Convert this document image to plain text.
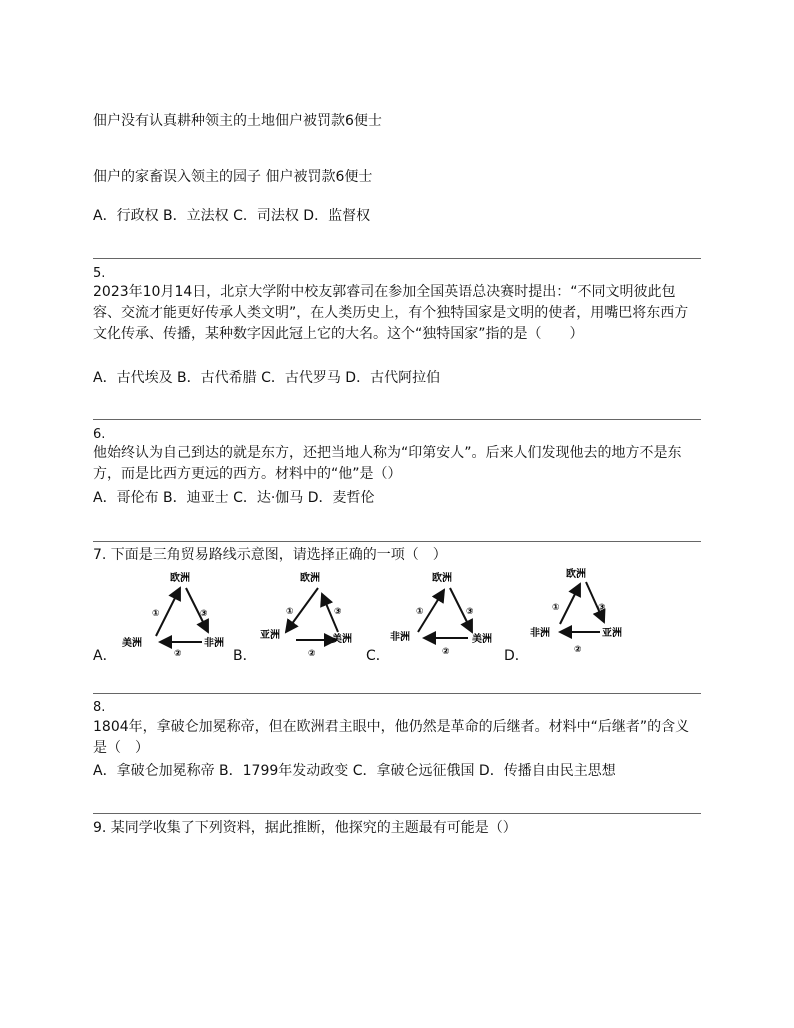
佃户没有认真耕种领主的土地佃户被罚款6便士
佃户的家畜误入领主的园子 佃户被罚款6便士
A．行政权 B．立法权 C．司法权 D．监督权
5.
2023年10月14日，北京大学附中校友郭睿司在参加全国英语总决赛时提出：“不同文明彼此包容、交流才能更好传承人类文明”，在人类历史上，有个独特国家是文明的使者，用嘴巴将东西方文化传承、传播，某种数字因此冠上它的大名。这个“独特国家”指的是（　　）
A．古代埃及 B．古代希腊 C．古代罗马 D．古代阿拉伯
6.
他始终认为自己到达的就是东方，还把当地人称为“印第安人”。后来人们发现他去的地方不是东方，而是比西方更远的西方。材料中的“他”是（）
A．哥伦布 B．迪亚士 C．达·伽马 D．麦哲伦
7. 下面是三角贸易路线示意图，请选择正确的一项（　）
A．
欧洲
美洲	非洲
①	③
②	B．
欧洲
亚洲	美洲
①	③
②	C．
欧洲
非洲	美洲
①	③
②	D．
欧洲
非洲	亚洲
①	③
②
8.
1804年，拿破仑加冕称帝，但在欧洲君主眼中，他仍然是革命的后继者。材料中“后继者”的含义是（　）
A．拿破仑加冕称帝 B．1799年发动政变 C．拿破仑远征俄国 D．传播自由民主思想
9. 某同学收集了下列资料，据此推断，他探究的主题最有可能是（）
